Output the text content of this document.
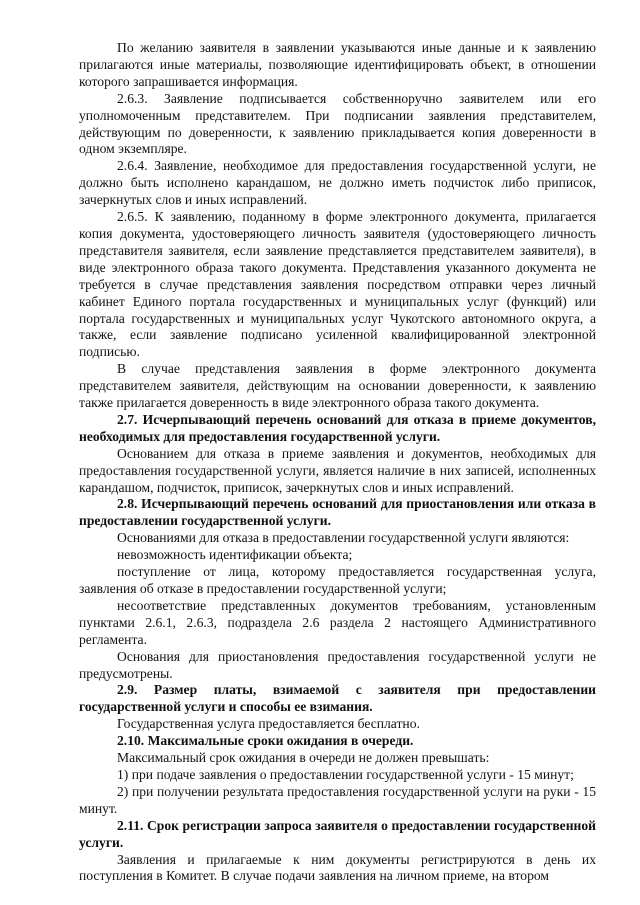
По желанию заявителя в заявлении указываются иные данные и к заявлению прилагаются иные материалы, позволяющие идентифицировать объект, в отношении которого запрашивается информация.

2.6.3. Заявление подписывается собственноручно заявителем или его уполномоченным представителем. При подписании заявления представителем, действующим по доверенности, к заявлению прикладывается копия доверенности в одном экземпляре.

2.6.4. Заявление, необходимое для предоставления государственной услуги, не должно быть исполнено карандашом, не должно иметь подчисток либо приписок, зачеркнутых слов и иных исправлений.

2.6.5. К заявлению, поданному в форме электронного документа, прилагается копия документа, удостоверяющего личность заявителя (удостоверяющего личность представителя заявителя, если заявление представляется представителем заявителя), в виде электронного образа такого документа. Представления указанного документа не требуется в случае представления заявления посредством отправки через личный кабинет Единого портала государственных и муниципальных услуг (функций) или портала государственных и муниципальных услуг Чукотского автономного округа, а также, если заявление подписано усиленной квалифицированной электронной подписью.

В случае представления заявления в форме электронного документа представителем заявителя, действующим на основании доверенности, к заявлению также прилагается доверенность в виде электронного образа такого документа.

2.7. Исчерпывающий перечень оснований для отказа в приеме документов, необходимых для предоставления государственной услуги.

Основанием для отказа в приеме заявления и документов, необходимых для предоставления государственной услуги, является наличие в них записей, исполненных карандашом, подчисток, приписок, зачеркнутых слов и иных исправлений.

2.8. Исчерпывающий перечень оснований для приостановления или отказа в предоставлении государственной услуги.

Основаниями для отказа в предоставлении государственной услуги являются:

невозможность идентификации объекта;

поступление от лица, которому предоставляется государственная услуга, заявления об отказе в предоставлении государственной услуги;

несоответствие представленных документов требованиям, установленным пунктами 2.6.1, 2.6.3, подраздела 2.6 раздела 2 настоящего Административного регламента.

Основания для приостановления предоставления государственной услуги не предусмотрены.

2.9. Размер платы, взимаемой с заявителя при предоставлении государственной услуги и способы ее взимания.

Государственная услуга предоставляется бесплатно.

2.10. Максимальные сроки ожидания в очереди.

Максимальный срок ожидания в очереди не должен превышать:

1) при подаче заявления о предоставлении государственной услуги - 15 минут;

2) при получении результата предоставления государственной услуги на руки - 15 минут.

2.11. Срок регистрации запроса заявителя о предоставлении государственной услуги.

Заявления и прилагаемые к ним документы регистрируются в день их поступления в Комитет. В случае подачи заявления на личном приеме, на втором
